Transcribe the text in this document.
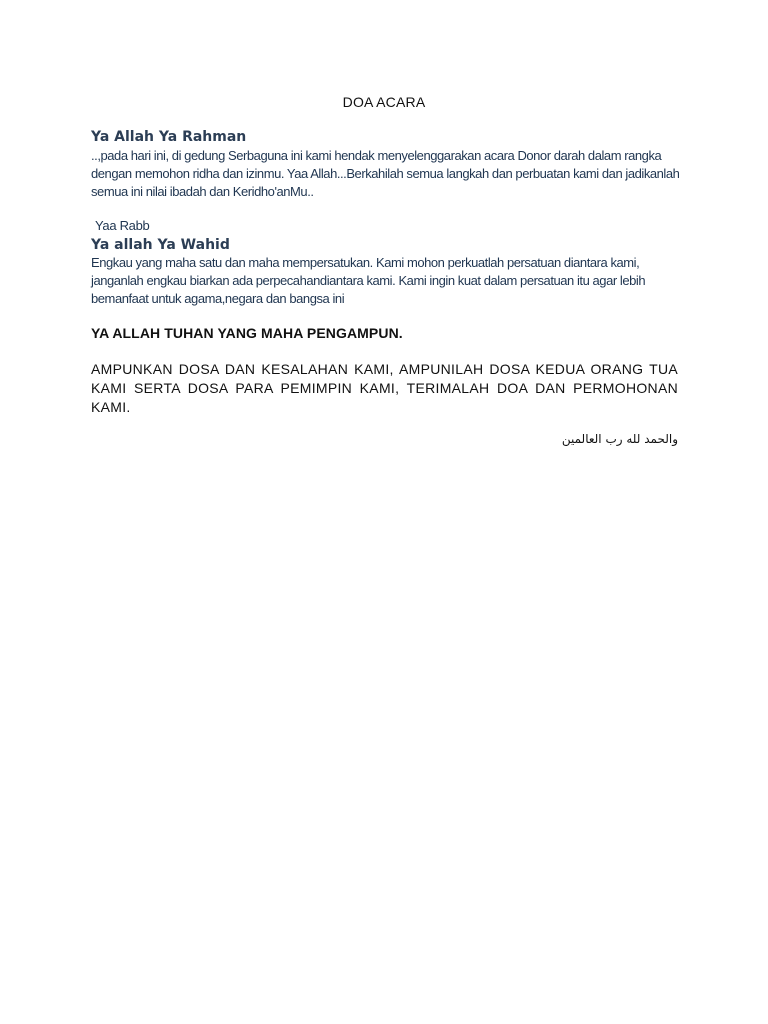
DOA ACARA
Ya Allah Ya Rahman
..,pada hari ini, di gedung Serbaguna ini kami hendak menyelenggarakan acara Donor darah dalam rangka dengan memohon ridha dan izinmu. Yaa Allah...Berkahilah semua langkah dan perbuatan kami dan jadikanlah semua ini nilai ibadah dan Keridho'anMu..
Yaa Rabb
Ya allah Ya Wahid
Engkau yang maha satu dan maha mempersatukan. Kami mohon perkuatlah persatuan diantara kami, janganlah engkau biarkan ada perpecahandiantara kami. Kami ingin kuat dalam persatuan itu agar lebih bemanfaat untuk agama,negara dan bangsa ini
YA ALLAH TUHAN YANG MAHA PENGAMPUN.
AMPUNKAN DOSA DAN KESALAHAN KAMI, AMPUNILAH DOSA KEDUA ORANG TUA KAMI SERTA DOSA PARA PEMIMPIN KAMI, TERIMALAH DOA DAN PERMOHONAN KAMI.
والحمد لله رب العالمين
